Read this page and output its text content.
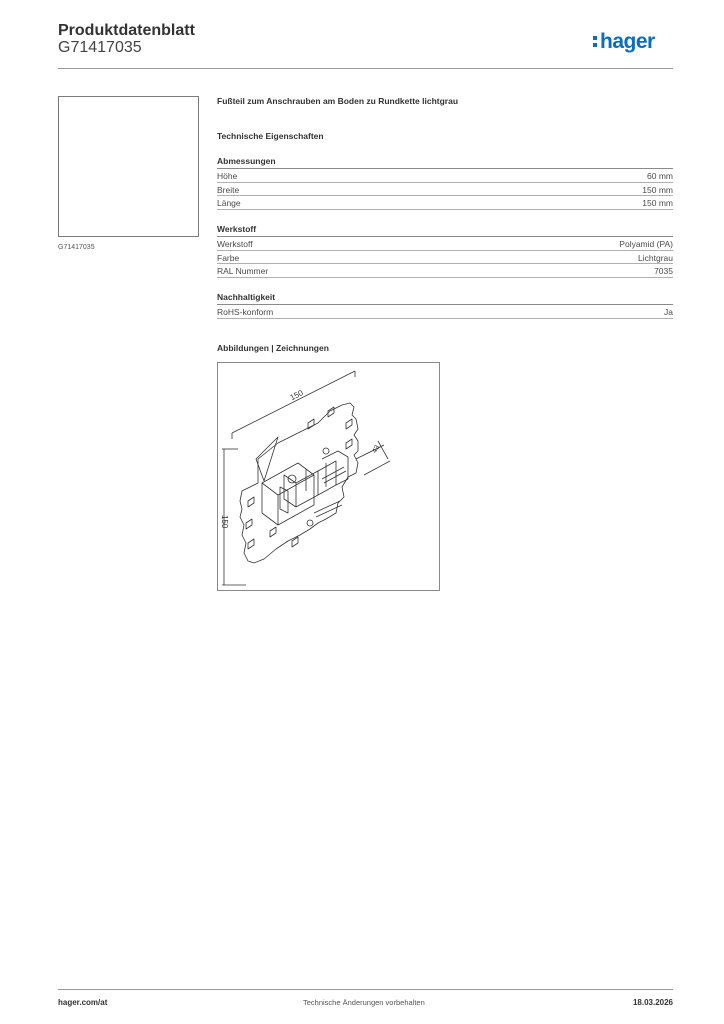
Produktdatenblatt
G71417035	hager
G71417035
Fußteil zum Anschrauben am Boden zu Rundkette lichtgrau
Technische Eigenschaften
Abmessungen
Höhe	60 mm
Breite	150 mm
Länge	150 mm
Werkstoff
Werkstoff	Polyamid (PA)
Farbe	Lichtgrau
RAL Nummer	7035
Nachhaltigkeit
RoHS-konform	Ja
Abbildungen | Zeichnungen
150
150
43
hager.com/at	Technische Änderungen vorbehalten	18.03.2026
